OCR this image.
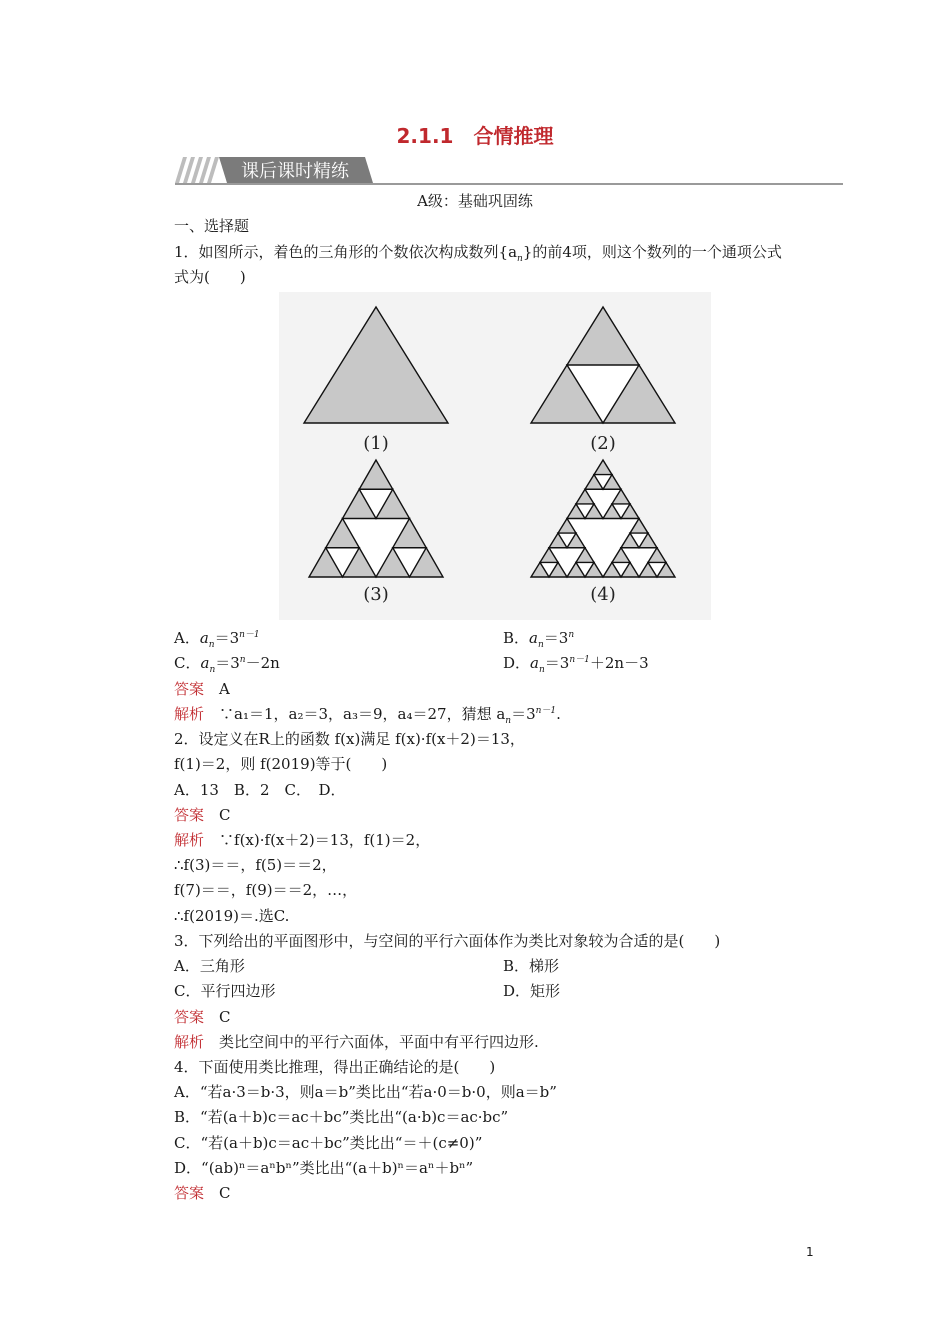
2.1.1　合情推理
课后课时精练
A级：基础巩固练
一、选择题
1．如图所示，着色的三角形的个数依次构成数列$\{a_n\}$的前4项，则这个数列的一个通项公式
式为(　　)
(1)	(2)
(3)	(4)
A．$a_n=3^{n-1}$	B．$a_n=3^n$
C．$a_n=3^n-2n$	D．$a_n=3^{n-1}+2n-3$
答案　 A
解析　 ∵a₁＝1，a₂＝3，a₃＝9，a₄＝27，猜想 $a_n=3^{n-1}$.
2．设定义在R上的函数 f(x)满足 f(x)·f(x＋2)＝13，
f(1)＝2，则 f(2019)等于(　　)
A．13　B．2　C．　D．
答案　 C
解析　 ∵f(x)·f(x＋2)＝13，f(1)＝2，
∴f(3)＝＝，f(5)＝＝2，
f(7)＝＝，f(9)＝＝2，…，
∴f(2019)＝.选C.
3．下列给出的平面图形中，与空间的平行六面体作为类比对象较为合适的是(　　)
A．三角形	B．梯形
C．平行四边形	D．矩形
答案　 C
解析　 类比空间中的平行六面体，平面中有平行四边形.
4．下面使用类比推理，得出正确结论的是(　　)
A．“若a·3＝b·3，则a＝b”类比出“若a·0＝b·0，则a＝b”
B．“若(a＋b)c＝ac＋bc”类比出“(a·b)c＝ac·bc”
C．“若(a＋b)c＝ac＋bc”类比出“＝＋(c≠0)”
D．“(ab)ⁿ＝aⁿbⁿ”类比出“(a＋b)ⁿ＝aⁿ＋bⁿ”
答案　 C
1
